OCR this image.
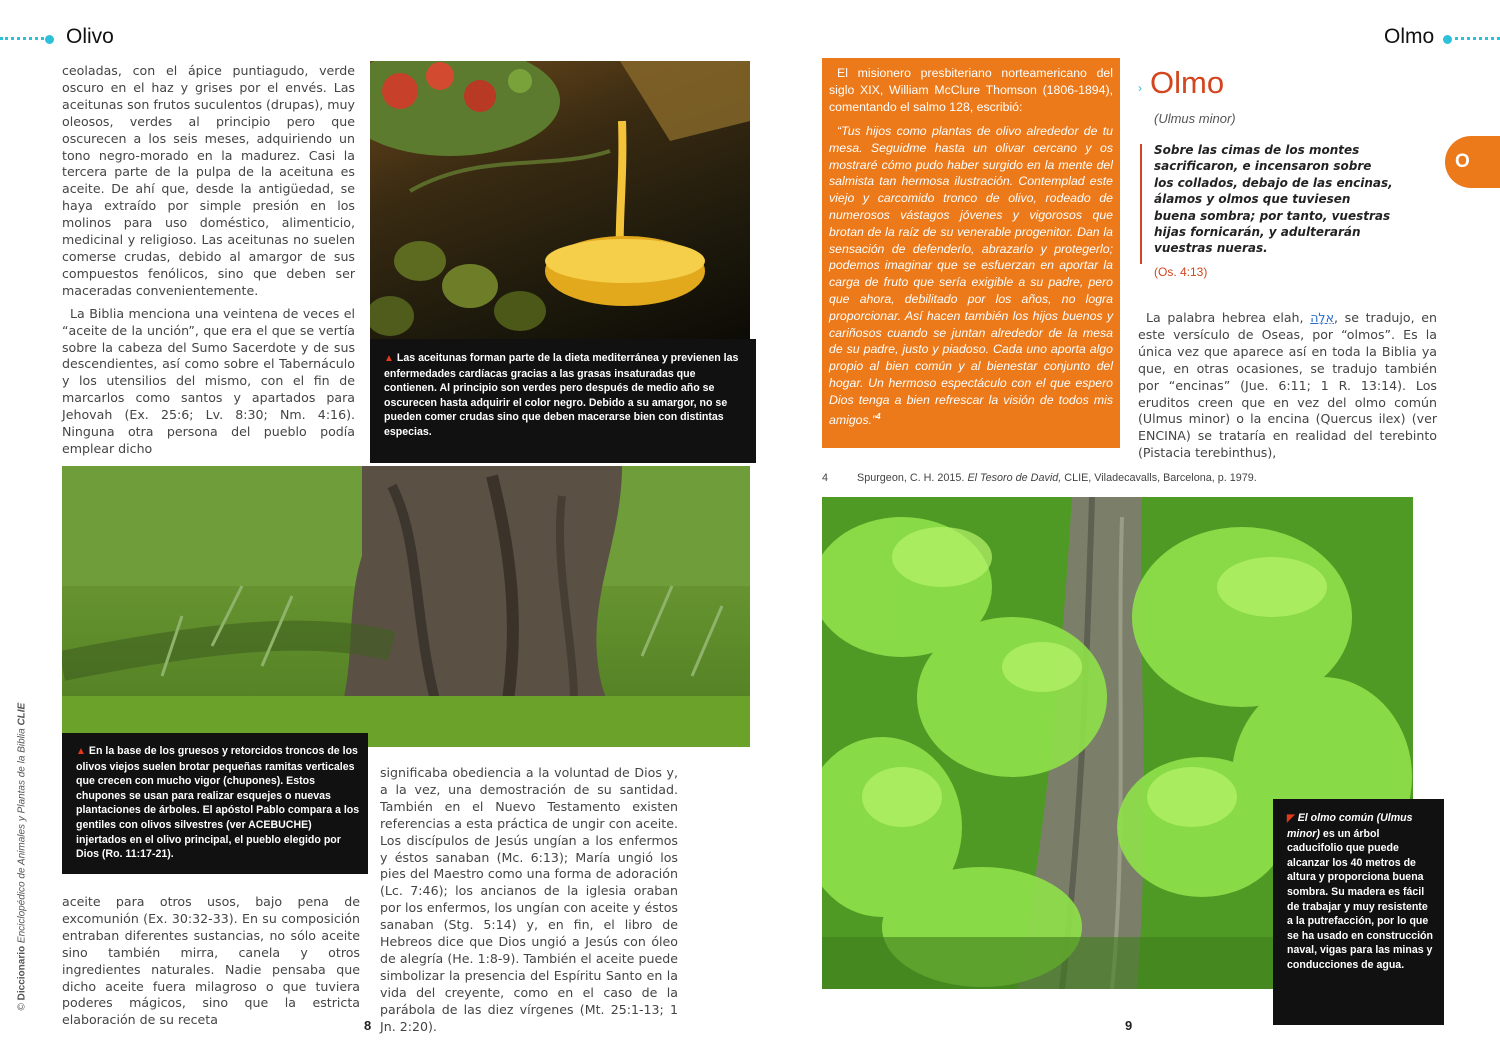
Olivo

ceoladas, con el ápice puntiagudo, verde oscuro en el haz y grises por el envés. Las aceitunas son frutos suculentos (drupas), muy oleosos, verdes al principio pero que oscurecen a los seis meses, adquiriendo un tono negro-morado en la madurez. Casi la tercera parte de la pulpa de la aceituna es aceite. De ahí que, desde la antigüedad, se haya extraído por simple presión en los molinos para uso doméstico, alimenticio, medicinal y religioso. Las aceitunas no suelen comerse crudas, debido al amargor de sus compuestos fenólicos, sino que deben ser maceradas convenientemente.

La Biblia menciona una veintena de veces el “aceite de la unción”, que era el que se vertía sobre la cabeza del Sumo Sacerdote y de sus descendientes, así como sobre el Tabernáculo y los utensilios del mismo, con el fin de marcarlos como santos y apartados para Jehovah (Ex. 25:6; Lv. 8:30; Nm. 4:16). Ninguna otra persona del pueblo podía emplear dicho

▲ Las aceitunas forman parte de la dieta mediterránea y previenen las enfermedades cardíacas gracias a las grasas insaturadas que contienen. Al principio son verdes pero después de medio año se oscurecen hasta adquirir el color negro. Debido a su amargor, no se pueden comer crudas sino que deben macerarse bien con distintas especias.
▲ En la base de los gruesos y retorcidos troncos de los olivos viejos suelen brotar pequeñas ramitas verticales que crecen con mucho vigor (chupones). Estos chupones se usan para realizar esquejes o nuevas plantaciones de árboles. El apóstol Pablo compara a los gentiles con olivos silvestres (ver ACEBUCHE) injertados en el olivo principal, el pueblo elegido por Dios (Ro. 11:17-21).

aceite para otros usos, bajo pena de excomunión (Ex. 30:32-33). En su composición entraban diferentes sustancias, no sólo aceite sino también mirra, canela y otros ingredientes naturales. Nadie pensaba que dicho aceite fuera milagroso o que tuviera poderes mágicos, sino que la estricta elaboración de su receta

significaba obediencia a la voluntad de Dios y, a la vez, una demostración de su santidad. También en el Nuevo Testamento existen referencias a esta práctica de ungir con aceite. Los discípulos de Jesús ungían a los enfermos y éstos sanaban (Mc. 6:13); María ungió los pies del Maestro como una forma de adoración (Lc. 7:46); los ancianos de la iglesia oraban por los enfermos, los ungían con aceite y éstos sanaban (Stg. 5:14) y, en fin, el libro de Hebreos dice que Dios ungió a Jesús con óleo de alegría (He. 1:8-9). También el aceite puede simbolizar la presencia del Espíritu Santo en la vida del creyente, como en el caso de la parábola de las diez vírgenes (Mt. 25:1-13; 1 Jn. 2:20).

© Diccionario Enciclopédico de Animales y Plantas de la Biblia CLIE
8
Olmo
El misionero presbiteriano norteamericano del siglo XIX, William McClure Thomson (1806-1894), comentando el salmo 128, escribió:
“Tus hijos como plantas de olivo alrededor de tu mesa. Seguidme hasta un olivar cercano y os mostraré cómo pudo haber surgido en la mente del salmista tan hermosa ilustración. Contemplad este viejo y carcomido tronco de olivo, rodeado de numerosos vástagos jóvenes y vigorosos que brotan de la raíz de su venerable progenitor. Dan la sensación de defenderlo, abrazarlo y protegerlo; podemos imaginar que se esfuerzan en aportar la carga de fruto que sería exigible a su padre, pero que ahora, debilitado por los años, no logra proporcionar. Así hacen también los hijos buenos y cariñosos cuando se juntan alrededor de la mesa de su padre, justo y piadoso. Cada uno aporta algo propio al bien común y al bienestar conjunto del hogar. Un hermoso espectáculo con el que espero Dios tenga a bien refrescar la visión de todos mis amigos.”$^4$
› Olmo
(Ulmus minor)
Sobre las cimas de los montes sacrificaron, e incensaron sobre los collados, debajo de las encinas, álamos y olmos que tuviesen buena sombra; por tanto, vuestras hijas fornicarán, y adulterarán vuestras nueras.
(Os. 4:13)
O

La palabra hebrea elah, אֵלָה, se tradujo, en este versículo de Oseas, por “olmos”. Es la única vez que aparece así en toda la Biblia ya que, en otras ocasiones, se tradujo también por “encinas” (Jue. 6:11; 1 R. 13:14). Los eruditos creen que en vez del olmo común (Ulmus minor) o la encina (Quercus ilex) (ver ENCINA) se trataría en realidad del terebinto (Pistacia terebinthus),

4	Spurgeon, C. H. 2015. El Tesoro de David, CLIE, Viladecavalls, Barcelona, p. 1979.
◤ El olmo común (Ulmus minor) es un árbol caducifolio que puede alcanzar los 40 metros de altura y proporciona buena sombra. Su madera es fácil de trabajar y muy resistente a la putrefacción, por lo que se ha usado en construcción naval, vigas para las minas y conducciones de agua.
9
